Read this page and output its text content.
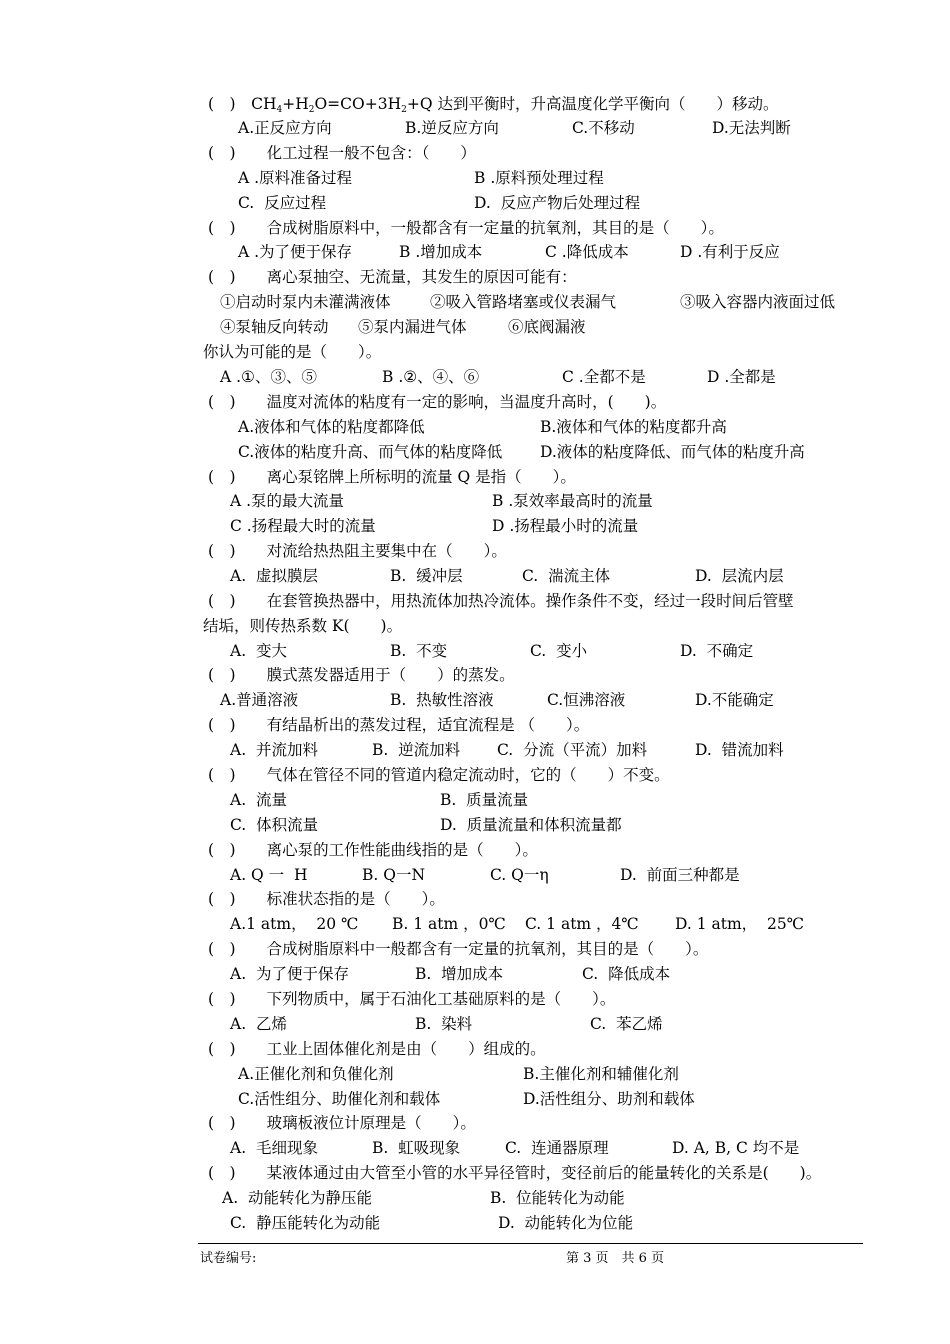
(　)　$CH_4+H_2O=CO+3H_2+Q$ 达到平衡时，升高温度化学平衡向（　　）移动。
A.正反应方向	B.逆反应方向	C.不移动	D.无法判断
(　)　　化工过程一般不包含：（　　）
A .原料准备过程	B .原料预处理过程
C.  反应过程	D.  反应产物后处理过程
(　)　　合成树脂原料中，一般都含有一定量的抗氧剂，其目的是（　　）。
A .为了便于保存	B .增加成本	C .降低成本	D .有利于反应
(　)　　离心泵抽空、无流量，其发生的原因可能有：
①启动时泵内未灌满液体	②吸入管路堵塞或仪表漏气	③吸入容器内液面过低
④泵轴反向转动 ⑤泵内漏进气体	⑥底阀漏液
你认为可能的是（　　）。
A .①、③、⑤	B .②、④、⑥	C .全都不是	D .全都是
(　)　　温度对流体的粘度有一定的影响，当温度升高时，(　　)。
A.液体和气体的粘度都降低	B.液体和气体的粘度都升高
C.液体的粘度升高、而气体的粘度降低 D.液体的粘度降低、而气体的粘度升高
(　)　　离心泵铭牌上所标明的流量 Q 是指（　　）。
A .泵的最大流量	B .泵效率最高时的流量
C .扬程最大时的流量	D .扬程最小时的流量
(　)　　对流给热热阻主要集中在（　　）。
A.  虚拟膜层	B.  缓冲层	C.  湍流主体	D.  层流内层
(　)　　在套管换热器中，用热流体加热冷流体。操作条件不变，经过一段时间后管壁
结垢，则传热系数 K(　　)。
A.  变大	B.  不变	C.  变小	D.  不确定
(　)　　膜式蒸发器适用于（　　）的蒸发。
A.普通溶液	B.  热敏性溶液	C.恒沸溶液	D.不能确定
(　)　　有结晶析出的蒸发过程，适宜流程是 （　　）。
A.  并流加料	B.  逆流加料 C.  分流（平流）加料	D.  错流加料
(　)　　气体在管径不同的管道内稳定流动时，它的（　　）不变。
A.  流量	B.  质量流量
C.  体积流量	D.  质量流量和体积流量都
(　)　　离心泵的工作性能曲线指的是（　　）。
A. Q 一  H	B. Q一N	C. Q一η	D.  前面三种都是
(　)　　标准状态指的是（　　）。
A.1 atm，  20 ℃ B. 1 atm ，0℃ C. 1 atm ，4℃ D. 1 atm，  25℃
(　)　　合成树脂原料中一般都含有一定量的抗氧剂，其目的是（　　）。
A.  为了便于保存	B.  增加成本	C.  降低成本
(　)　　下列物质中，属于石油化工基础原料的是（　　）。
A.  乙烯	B.  染料	C.  苯乙烯
(　)　　工业上固体催化剂是由（　　）组成的。
A.正催化剂和负催化剂	B.主催化剂和辅催化剂
C.活性组分、助催化剂和载体	D.活性组分、助剂和载体
(　)　　玻璃板液位计原理是（　　）。
A.  毛细现象	B.  虹吸现象	C.  连通器原理	D. A, B, C 均不是
(　)　　某液体通过由大管至小管的水平异径管时，变径前后的能量转化的关系是(　　)。
A.  动能转化为静压能	B.  位能转化为动能
C.  静压能转化为动能	D.  动能转化为位能
试卷编号:	第 3 页　共 6 页
